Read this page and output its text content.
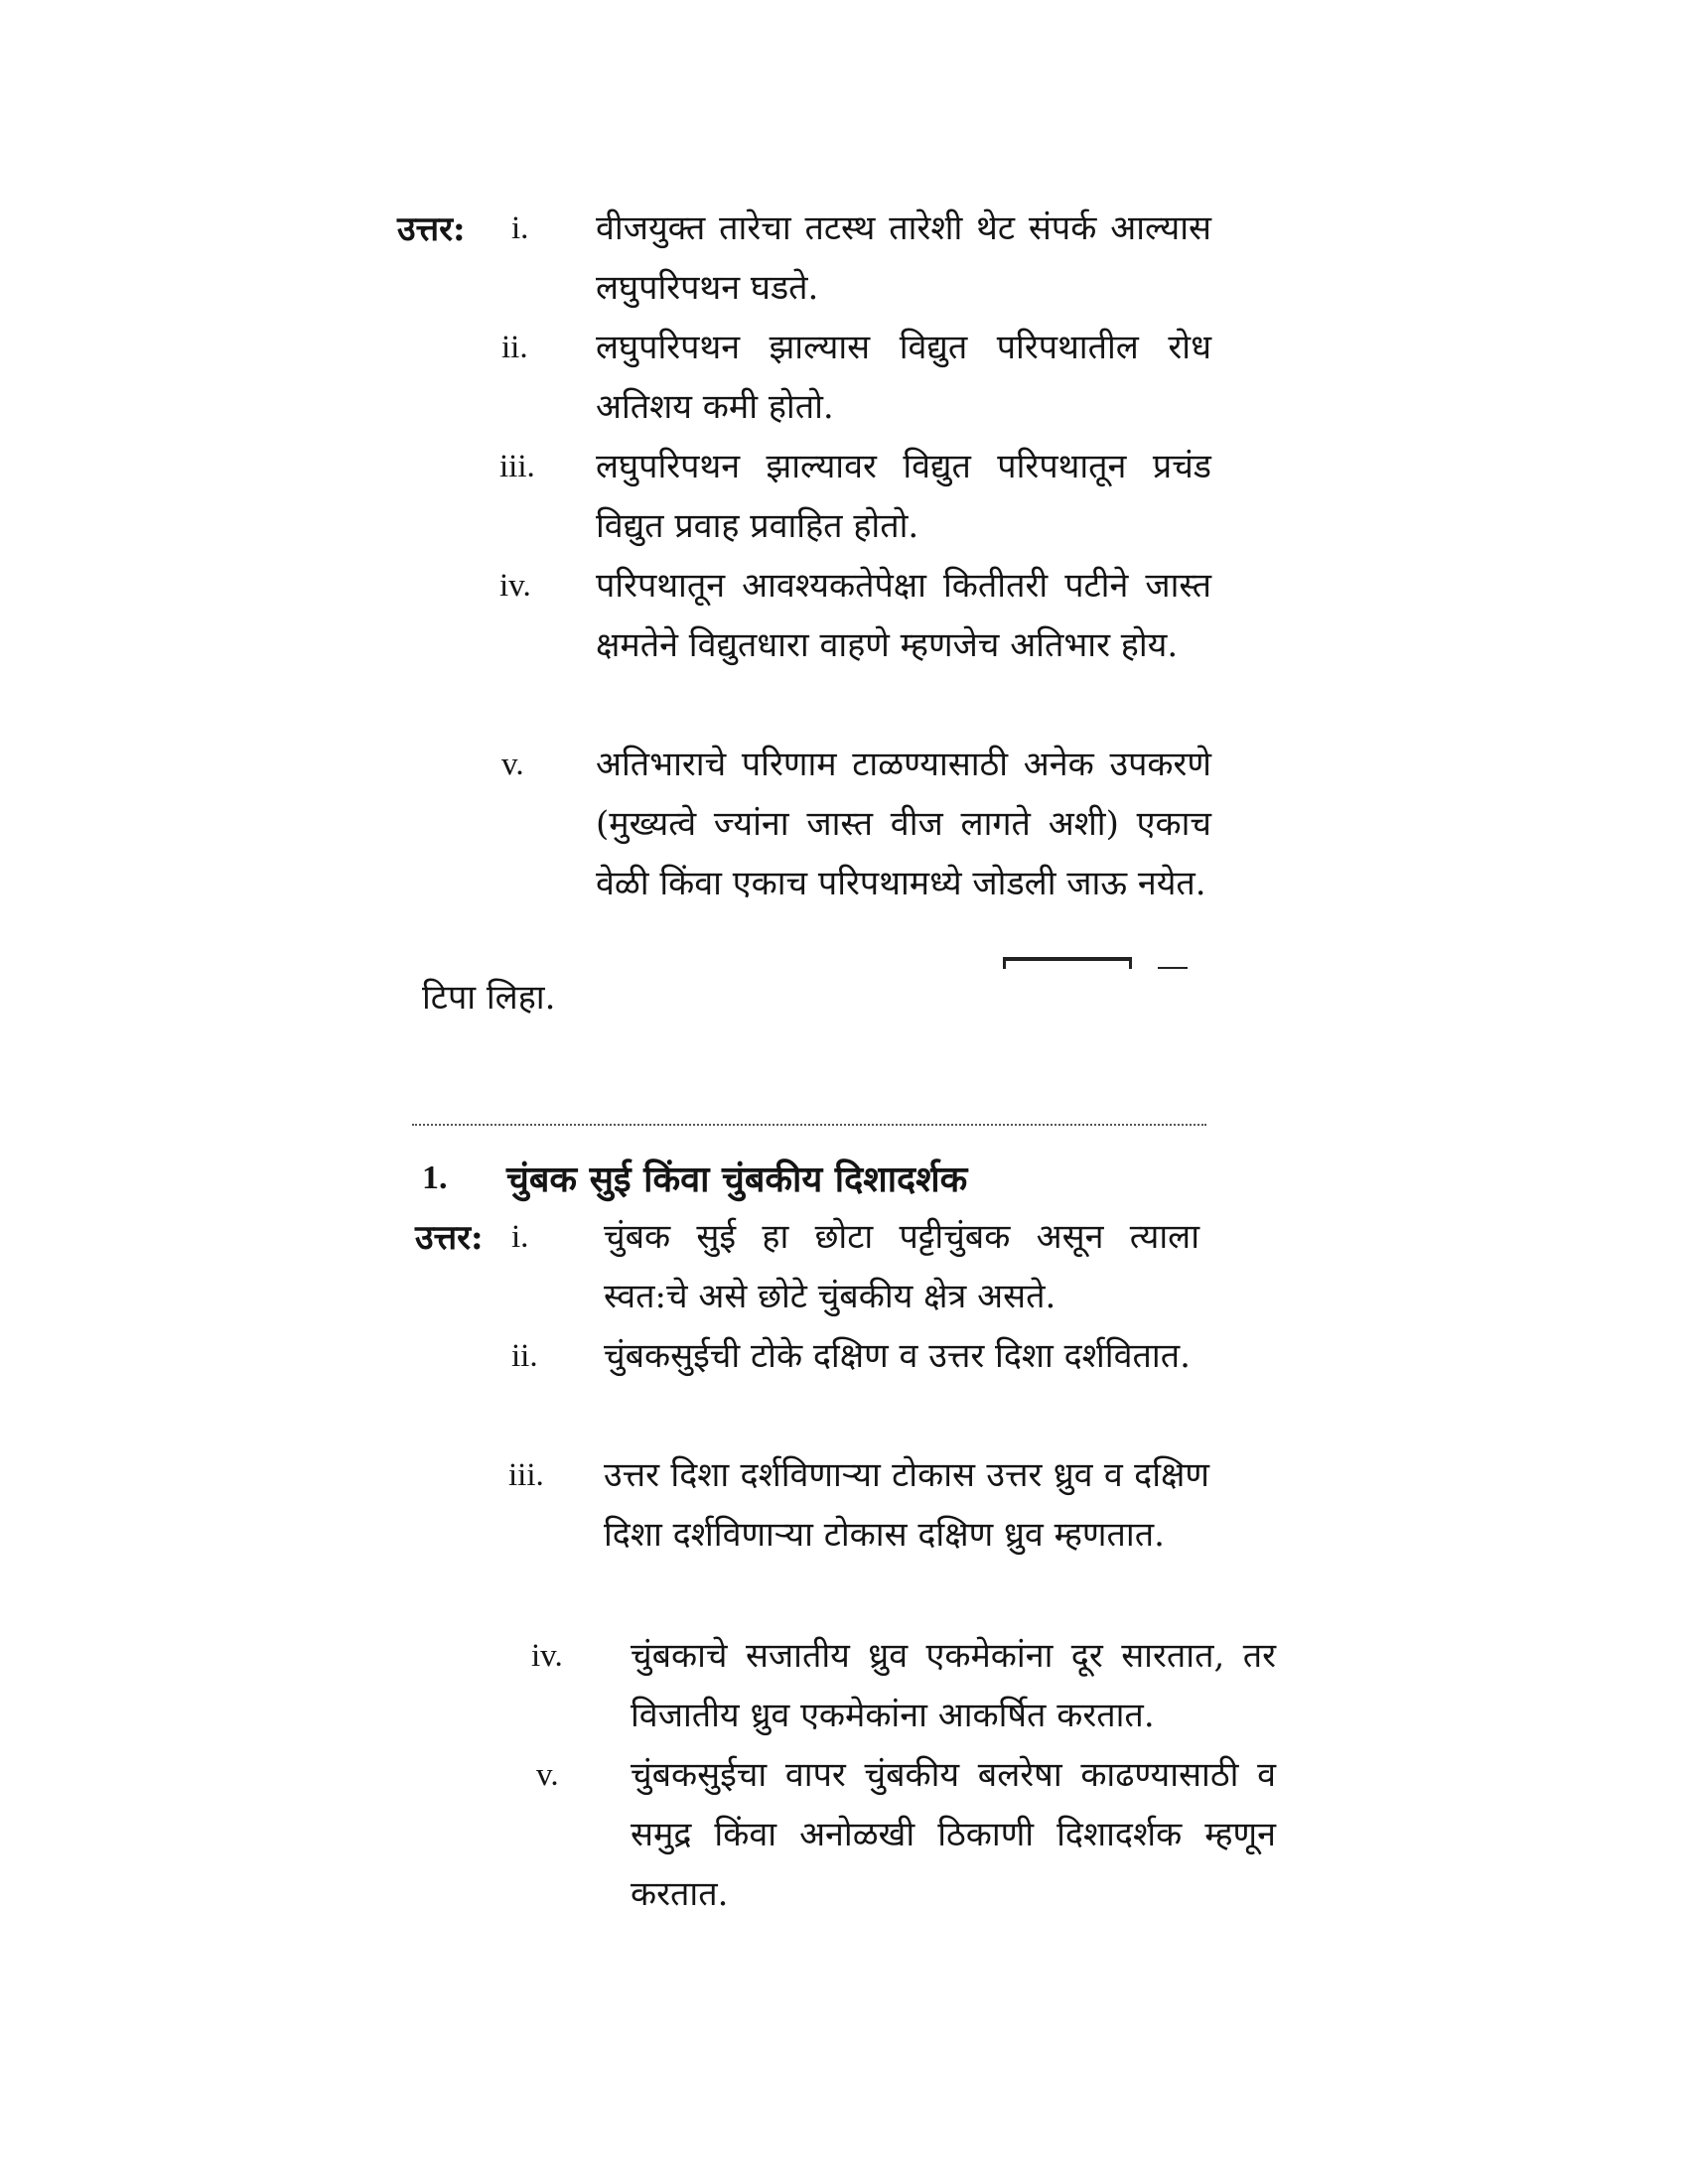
उत्तर: i. वीजयुक्त तारेचा तटस्थ तारेशी थेट संपर्क आल्यास लघुपरिपथन घडते.
ii. लघुपरिपथन झाल्यास विद्युत परिपथातील रोध अतिशय कमी होतो.
iii. लघुपरिपथन झाल्यावर विद्युत परिपथातून प्रचंड विद्युत प्रवाह प्रवाहित होतो.
iv. परिपथातून आवश्यकतेपेक्षा कितीतरी पटीने जास्त क्षमतेने विद्युतधारा वाहणे म्हणजेच अतिभार होय.
v. अतिभाराचे परिणाम टाळण्यासाठी अनेक उपकरणे (मुख्यत्वे ज्यांना जास्त वीज लागते अशी) एकाच वेळी किंवा एकाच परिपथामध्ये जोडली जाऊ नयेत.
टिपा लिहा.
1. चुंबक सुई किंवा चुंबकीय दिशादर्शक
उत्तर: i. चुंबक सुई हा छोटा पट्टीचुंबक असून त्याला स्वत:चे असे छोटे चुंबकीय क्षेत्र असते.
ii. चुंबकसुईची टोके दक्षिण व उत्तर दिशा दर्शवितात.
iii. उत्तर दिशा दर्शविणाऱ्या टोकास उत्तर ध्रुव व दक्षिण दिशा दर्शविणाऱ्या टोकास दक्षिण ध्रुव म्हणतात.
iv. चुंबकाचे सजातीय ध्रुव एकमेकांना दूर सारतात, तर विजातीय ध्रुव एकमेकांना आकर्षित करतात.
v. चुंबकसुईचा वापर चुंबकीय बलरेषा काढण्यासाठी व समुद्र किंवा अनोळखी ठिकाणी दिशादर्शक म्हणून करतात.
